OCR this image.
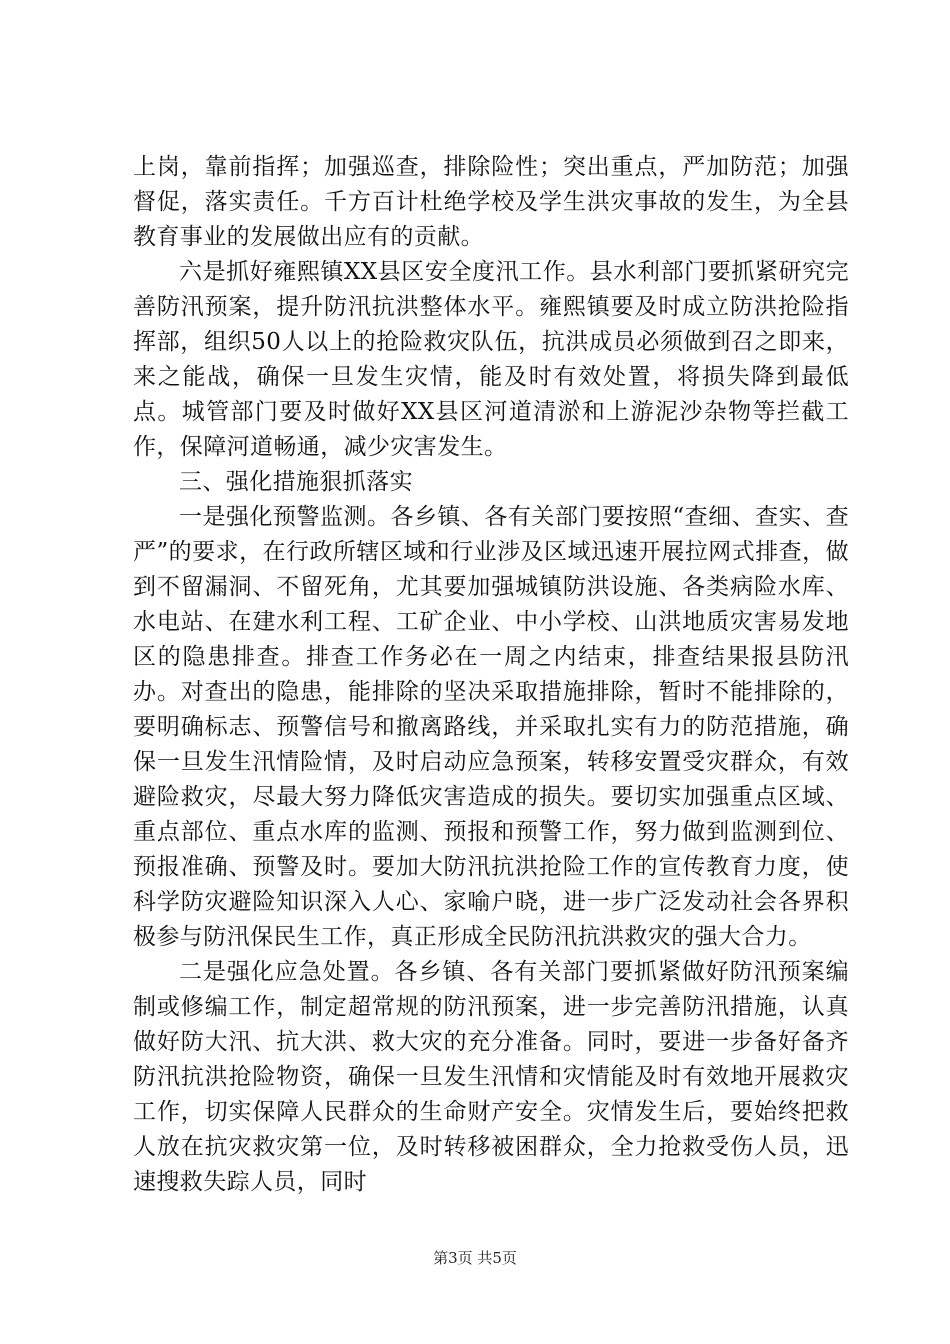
上岗，靠前指挥；加强巡查，排除险性；突出重点，严加防范；加强督促，落实责任。千方百计杜绝学校及学生洪灾事故的发生，为全县教育事业的发展做出应有的贡献。

六是抓好雍熙镇XX县区安全度汛工作。县水利部门要抓紧研究完善防汛预案，提升防汛抗洪整体水平。雍熙镇要及时成立防洪抢险指挥部，组织50人以上的抢险救灾队伍，抗洪成员必须做到召之即来，来之能战，确保一旦发生灾情，能及时有效处置，将损失降到最低点。城管部门要及时做好XX县区河道清淤和上游泥沙杂物等拦截工作，保障河道畅通，减少灾害发生。

三、强化措施狠抓落实

一是强化预警监测。各乡镇、各有关部门要按照“查细、查实、查严”的要求，在行政所辖区域和行业涉及区域迅速开展拉网式排查，做到不留漏洞、不留死角，尤其要加强城镇防洪设施、各类病险水库、水电站、在建水利工程、工矿企业、中小学校、山洪地质灾害易发地区的隐患排查。排查工作务必在一周之内结束，排查结果报县防汛办。对查出的隐患，能排除的坚决采取措施排除，暂时不能排除的，要明确标志、预警信号和撤离路线，并采取扎实有力的防范措施，确保一旦发生汛情险情，及时启动应急预案，转移安置受灾群众，有效避险救灾，尽最大努力降低灾害造成的损失。要切实加强重点区域、重点部位、重点水库的监测、预报和预警工作，努力做到监测到位、预报准确、预警及时。要加大防汛抗洪抢险工作的宣传教育力度，使科学防灾避险知识深入人心、家喻户晓，进一步广泛发动社会各界积极参与防汛保民生工作，真正形成全民防汛抗洪救灾的强大合力。

二是强化应急处置。各乡镇、各有关部门要抓紧做好防汛预案编制或修编工作，制定超常规的防汛预案，进一步完善防汛措施，认真做好防大汛、抗大洪、救大灾的充分准备。同时，要进一步备好备齐防汛抗洪抢险物资，确保一旦发生汛情和灾情能及时有效地开展救灾工作，切实保障人民群众的生命财产安全。灾情发生后，要始终把救人放在抗灾救灾第一位，及时转移被困群众，全力抢救受伤人员，迅速搜救失踪人员，同时

第3页 共5页
